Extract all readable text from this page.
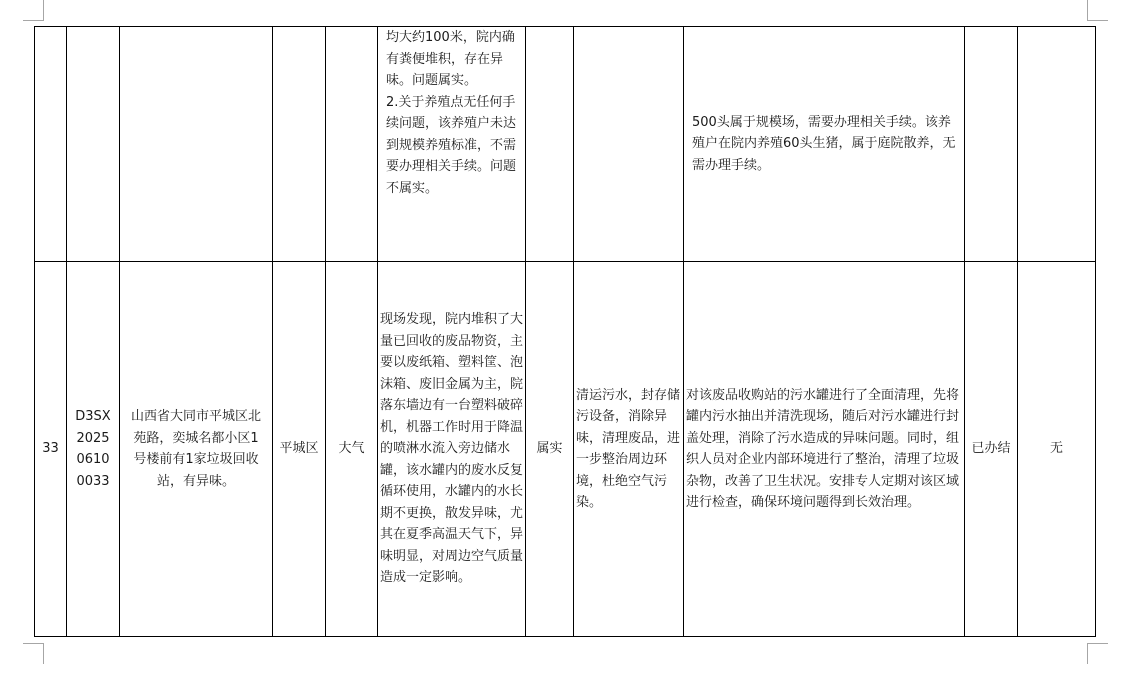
					均大约100米，院内确有粪便堆积，存在异味。问题属实。
2.关于养殖点无任何手续问题，该养殖户未达到规模养殖标准，不需要办理相关手续。问题不属实。			500头属于规模场，需要办理相关手续。该养殖户在院内养殖60头生猪，属于庭院散养，无需办理手续。		
33	D3SX202506100033	山西省大同市平城区北苑路，奕城名都小区1号楼前有1家垃圾回收站，有异味。	平城区	大气	现场发现，院内堆积了大量已回收的废品物资，主要以废纸箱、塑料筐、泡沫箱、废旧金属为主，院落东墙边有一台塑料破碎机，机器工作时用于降温的喷淋水流入旁边储水罐，该水罐内的废水反复循环使用，水罐内的水长期不更换，散发异味，尤其在夏季高温天气下，异味明显，对周边空气质量造成一定影响。	属实	清运污水，封存储污设备，消除异味，清理废品，进一步整治周边环境，杜绝空气污染。	对该废品收购站的污水罐进行了全面清理，先将罐内污水抽出并清洗现场，随后对污水罐进行封盖处理，消除了污水造成的异味问题。同时，组织人员对企业内部环境进行了整治，清理了垃圾杂物，改善了卫生状况。安排专人定期对该区域进行检查，确保环境问题得到长效治理。	已办结	无
